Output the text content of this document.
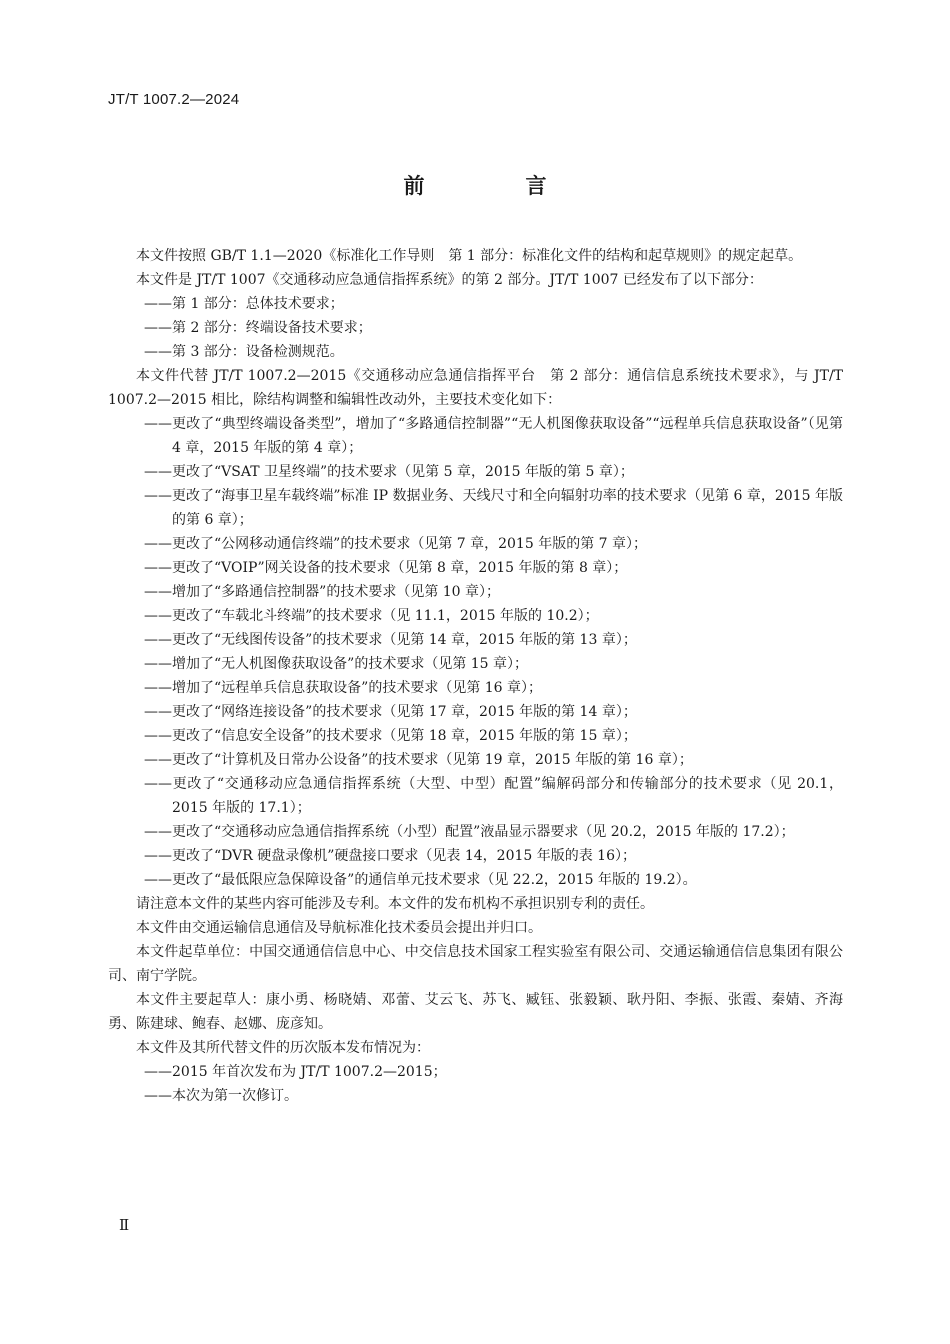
JT/T 1007.2—2024
前　言

本文件按照 GB/T 1.1—2020《标准化工作导则　第 1 部分：标准化文件的结构和起草规则》的规定起草。

本文件是 JT/T 1007《交通移动应急通信指挥系统》的第 2 部分。JT/T 1007 已经发布了以下部分：

——第 1 部分：总体技术要求；

——第 2 部分：终端设备技术要求；

——第 3 部分：设备检测规范。

本文件代替 JT/T 1007.2—2015《交通移动应急通信指挥平台　第 2 部分：通信信息系统技术要求》，与 JT/T 1007.2—2015 相比，除结构调整和编辑性改动外，主要技术变化如下：

——更改了“典型终端设备类型”，增加了“多路通信控制器”“无人机图像获取设备”“远程单兵信息获取设备”（见第 4 章，2015 年版的第 4 章）；

——更改了“VSAT 卫星终端”的技术要求（见第 5 章，2015 年版的第 5 章）；

——更改了“海事卫星车载终端”标准 IP 数据业务、天线尺寸和全向辐射功率的技术要求（见第 6 章，2015 年版的第 6 章）；

——更改了“公网移动通信终端”的技术要求（见第 7 章，2015 年版的第 7 章）；

——更改了“VOIP”网关设备的技术要求（见第 8 章，2015 年版的第 8 章）；

——增加了“多路通信控制器”的技术要求（见第 10 章）；

——更改了“车载北斗终端”的技术要求（见 11.1，2015 年版的 10.2）；

——更改了“无线图传设备”的技术要求（见第 14 章，2015 年版的第 13 章）；

——增加了“无人机图像获取设备”的技术要求（见第 15 章）；

——增加了“远程单兵信息获取设备”的技术要求（见第 16 章）；

——更改了“网络连接设备”的技术要求（见第 17 章，2015 年版的第 14 章）；

——更改了“信息安全设备”的技术要求（见第 18 章，2015 年版的第 15 章）；

——更改了“计算机及日常办公设备”的技术要求（见第 19 章，2015 年版的第 16 章）；

——更改了“交通移动应急通信指挥系统（大型、中型）配置”编解码部分和传输部分的技术要求（见 20.1，2015 年版的 17.1）；

——更改了“交通移动应急通信指挥系统（小型）配置”液晶显示器要求（见 20.2，2015 年版的 17.2）；

——更改了“DVR 硬盘录像机”硬盘接口要求（见表 14，2015 年版的表 16）；

——更改了“最低限应急保障设备”的通信单元技术要求（见 22.2，2015 年版的 19.2）。

请注意本文件的某些内容可能涉及专利。本文件的发布机构不承担识别专利的责任。

本文件由交通运输信息通信及导航标准化技术委员会提出并归口。

本文件起草单位：中国交通通信信息中心、中交信息技术国家工程实验室有限公司、交通运输通信信息集团有限公司、南宁学院。

本文件主要起草人：康小勇、杨晓婧、邓蕾、艾云飞、苏飞、臧钰、张毅颖、耿丹阳、李振、张霞、秦婧、齐海勇、陈建球、鲍春、赵娜、庞彦知。

本文件及其所代替文件的历次版本发布情况为：

——2015 年首次发布为 JT/T 1007.2—2015；

——本次为第一次修订。

Ⅱ
